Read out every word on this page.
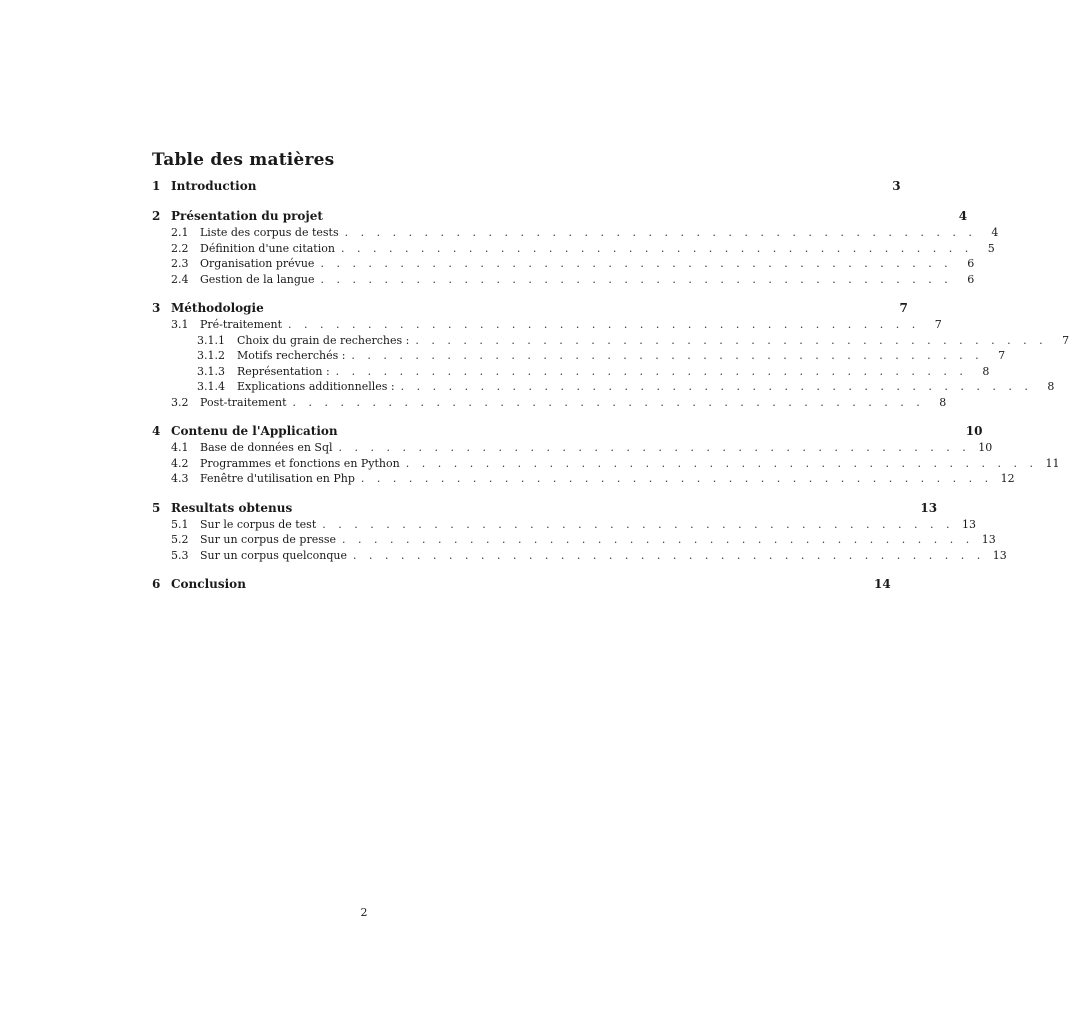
Table des matières
1 Introduction	3
2 Présentation du projet	4
2.1	Liste des corpus de tests . . . . . . . . . . . . . . . . . . . . . . . . . . . . . . . . . . . . . . . .	4
2.2	Définition d'une citation . . . . . . . . . . . . . . . . . . . . . . . . . . . . . . . . . . . . . . . .	5
2.3	Organisation prévue . . . . . . . . . . . . . . . . . . . . . . . . . . . . . . . . . . . . . . . .	6
2.4	Gestion de la langue . . . . . . . . . . . . . . . . . . . . . . . . . . . . . . . . . . . . . . . .	6
3 Méthodologie	7
3.1	Pré-traitement . . . . . . . . . . . . . . . . . . . . . . . . . . . . . . . . . . . . . . . .	7
3.1.1	Choix du grain de recherches : . . . . . . . . . . . . . . . . . . . . . . . . . . . . . . . . . . . . . . . .	7
3.1.2	Motifs recherchés : . . . . . . . . . . . . . . . . . . . . . . . . . . . . . . . . . . . . . . . .	7
3.1.3	Représentation : . . . . . . . . . . . . . . . . . . . . . . . . . . . . . . . . . . . . . . . .	8
3.1.4	Explications additionnelles : . . . . . . . . . . . . . . . . . . . . . . . . . . . . . . . . . . . . . . . .	8
3.2	Post-traitement . . . . . . . . . . . . . . . . . . . . . . . . . . . . . . . . . . . . . . . .	8
4 Contenu de l'Application	10
4.1	Base de données en Sql . . . . . . . . . . . . . . . . . . . . . . . . . . . . . . . . . . . . . . . . 10
4.2	Programmes et fonctions en Python . . . . . . . . . . . . . . . . . . . . . . . . . . . . . . . . . . . . . . . . 11
4.3	Fenêtre d'utilisation en Php . . . . . . . . . . . . . . . . . . . . . . . . . . . . . . . . . . . . . . . . 12
5 Resultats obtenus	13
5.1	Sur le corpus de test . . . . . . . . . . . . . . . . . . . . . . . . . . . . . . . . . . . . . . . . 13
5.2	Sur un corpus de presse . . . . . . . . . . . . . . . . . . . . . . . . . . . . . . . . . . . . . . . . 13
5.3	Sur un corpus quelconque . . . . . . . . . . . . . . . . . . . . . . . . . . . . . . . . . . . . . . . . 13
6 Conclusion	14
2
